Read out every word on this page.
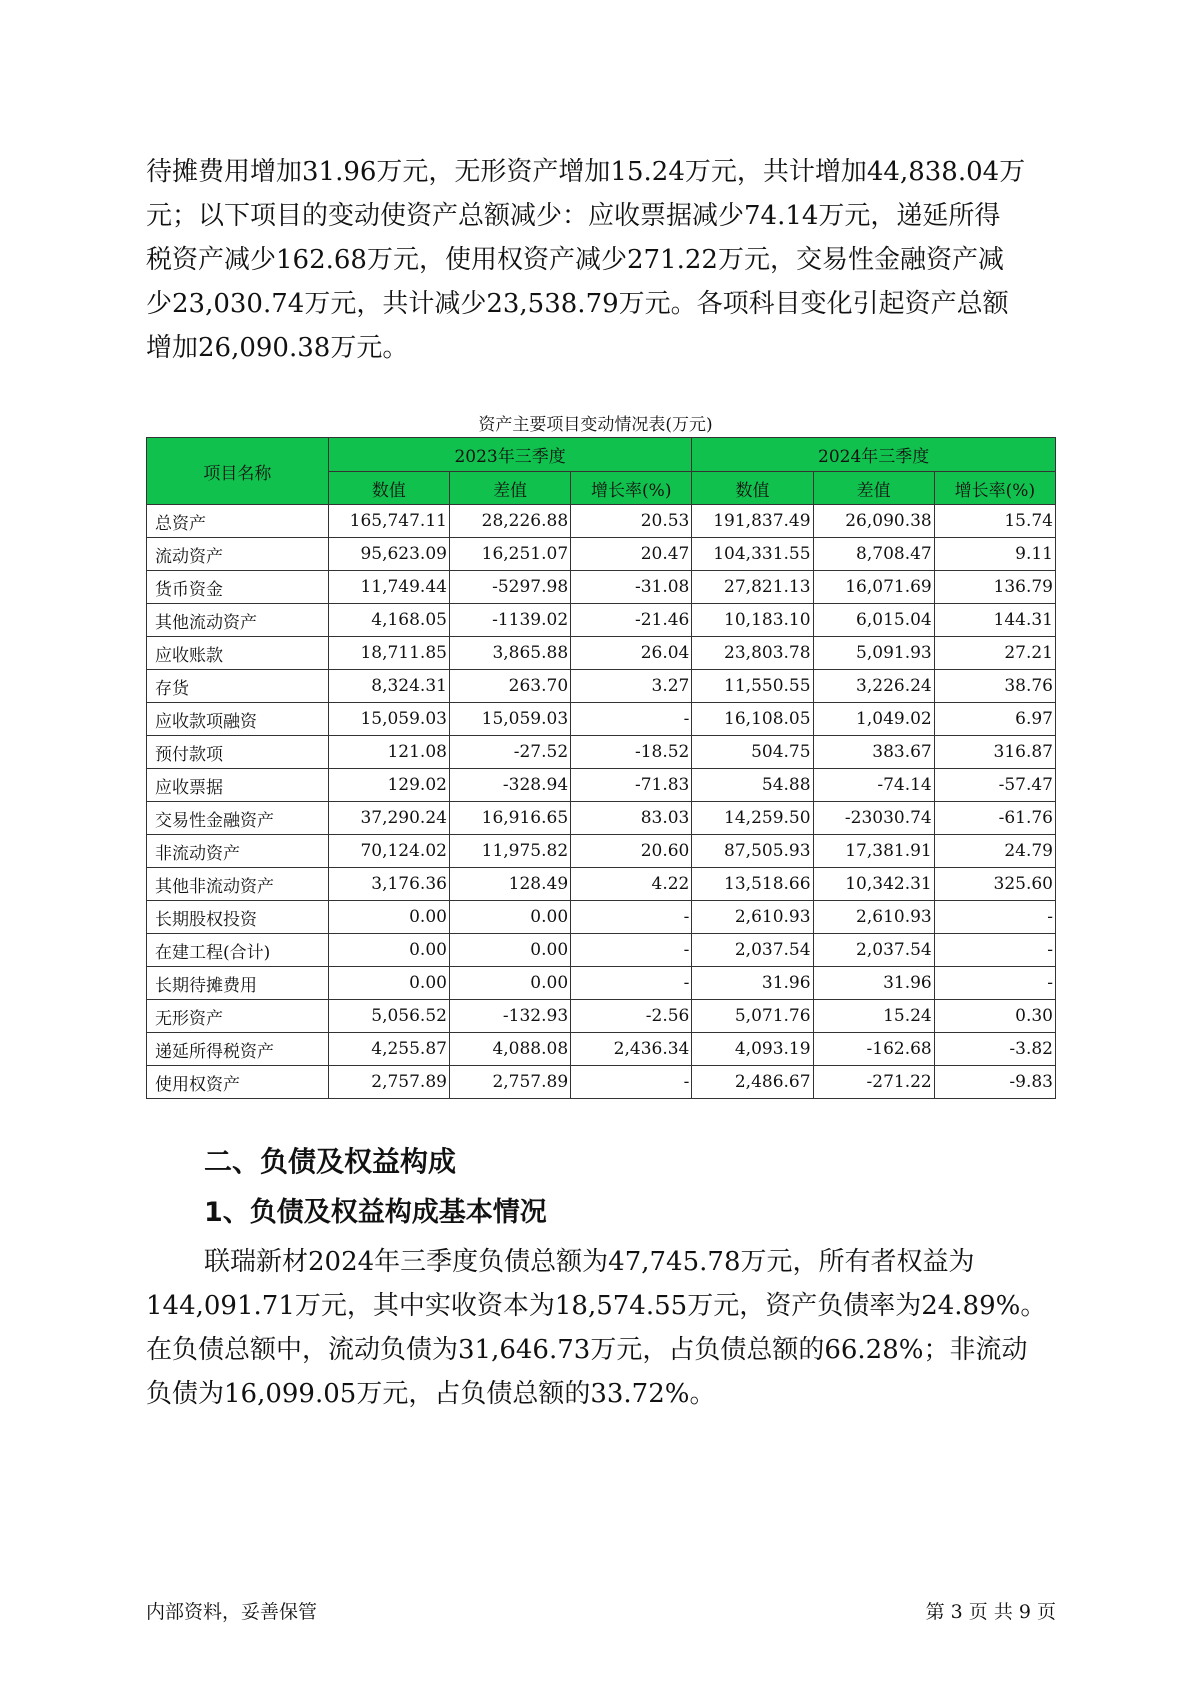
待摊费用增加31.96万元，无形资产增加15.24万元，共计增加44,838.04万
元；以下项目的变动使资产总额减少：应收票据减少74.14万元，递延所得
税资产减少162.68万元，使用权资产减少271.22万元，交易性金融资产减
少23,030.74万元，共计减少23,538.79万元。各项科目变化引起资产总额
增加26,090.38万元。

资产主要项目变动情况表(万元)
项目名称	2023年三季度			2024年三季度		
	数值	差值	增长率(%)	数值	差值	增长率(%)
总资产	165,747.11	28,226.88	20.53	191,837.49	26,090.38	15.74
流动资产	95,623.09	16,251.07	20.47	104,331.55	8,708.47	9.11
货币资金	11,749.44	-5297.98	-31.08	27,821.13	16,071.69	136.79
其他流动资产	4,168.05	-1139.02	-21.46	10,183.10	6,015.04	144.31
应收账款	18,711.85	3,865.88	26.04	23,803.78	5,091.93	27.21
存货	8,324.31	263.70	3.27	11,550.55	3,226.24	38.76
应收款项融资	15,059.03	15,059.03	-	16,108.05	1,049.02	6.97
预付款项	121.08	-27.52	-18.52	504.75	383.67	316.87
应收票据	129.02	-328.94	-71.83	54.88	-74.14	-57.47
交易性金融资产	37,290.24	16,916.65	83.03	14,259.50	-23030.74	-61.76
非流动资产	70,124.02	11,975.82	20.60	87,505.93	17,381.91	24.79
其他非流动资产	3,176.36	128.49	4.22	13,518.66	10,342.31	325.60
长期股权投资	0.00	0.00	-	2,610.93	2,610.93	-
在建工程(合计)	0.00	0.00	-	2,037.54	2,037.54	-
长期待摊费用	0.00	0.00	-	31.96	31.96	-
无形资产	5,056.52	-132.93	-2.56	5,071.76	15.24	0.30
递延所得税资产	4,255.87	4,088.08	2,436.34	4,093.19	-162.68	-3.82
使用权资产	2,757.89	2,757.89	-	2,486.67	-271.22	-9.83
二、负债及权益构成
1、负债及权益构成基本情况

联瑞新材2024年三季度负债总额为47,745.78万元，所有者权益为
144,091.71万元，其中实收资本为18,574.55万元，资产负债率为24.89%。
在负债总额中，流动负债为31,646.73万元，占负债总额的66.28%；非流动
负债为16,099.05万元，占负债总额的33.72%。

内部资料，妥善保管	第 3 页 共 9 页
